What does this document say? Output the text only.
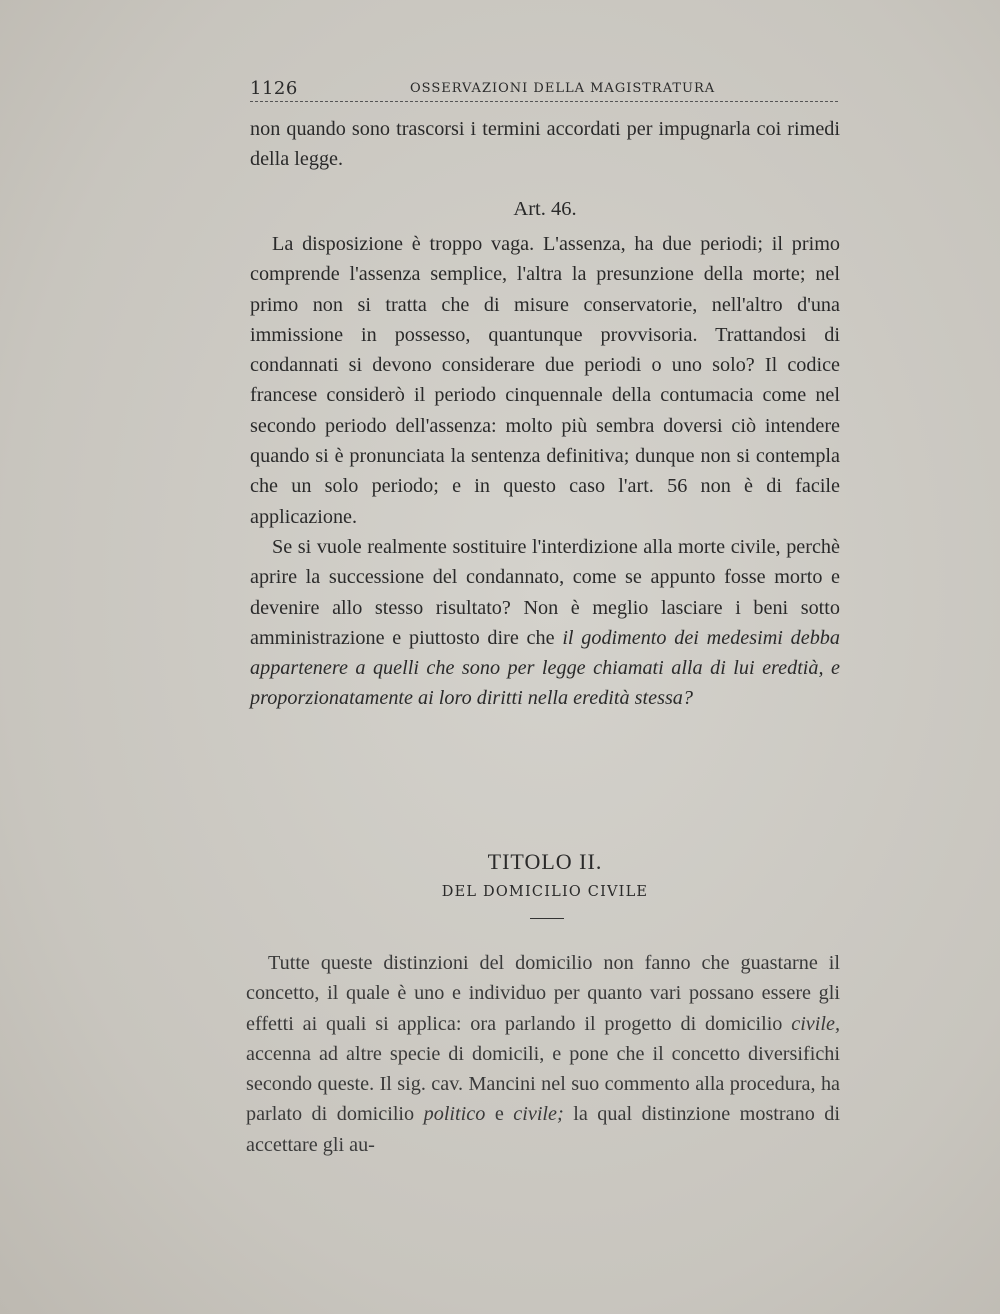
1126	OSSERVAZIONI DELLA MAGISTRATURA

non quando sono trascorsi i termini accordati per impugnarla coi rimedi della legge.

Art. 46.

La disposizione è troppo vaga. L'assenza, ha due periodi; il primo comprende l'assenza semplice, l'altra la presunzione della morte; nel primo non si tratta che di misure conservatorie, nell'altro d'una immissione in possesso, quantunque provvisoria. Trattandosi di condannati si devono considerare due periodi o uno solo? Il codice francese considerò il periodo cinquennale della contumacia come nel secondo periodo dell'assenza: molto più sembra doversi ciò intendere quando si è pronunciata la sentenza definitiva; dunque non si contempla che un solo periodo; e in questo caso l'art. 56 non è di facile applicazione.

Se si vuole realmente sostituire l'interdizione alla morte civile, perchè aprire la successione del condannato, come se appunto fosse morto e devenire allo stesso risultato? Non è meglio lasciare i beni sotto amministrazione e piuttosto dire che il godimento dei medesimi debba appartenere a quelli che sono per legge chiamati alla di lui eredtià, e proporzionatamente ai loro diritti nella eredità stessa?

TITOLO II.
DEL DOMICILIO CIVILE

Tutte queste distinzioni del domicilio non fanno che guastarne il concetto, il quale è uno e individuo per quanto vari possano essere gli effetti ai quali si applica: ora parlando il progetto di domicilio civile, accenna ad altre specie di domicili, e pone che il concetto diversifichi secondo queste. Il sig. cav. Mancini nel suo commento alla procedura, ha parlato di domicilio politico e civile; la qual distinzione mostrano di accettare gli au-
